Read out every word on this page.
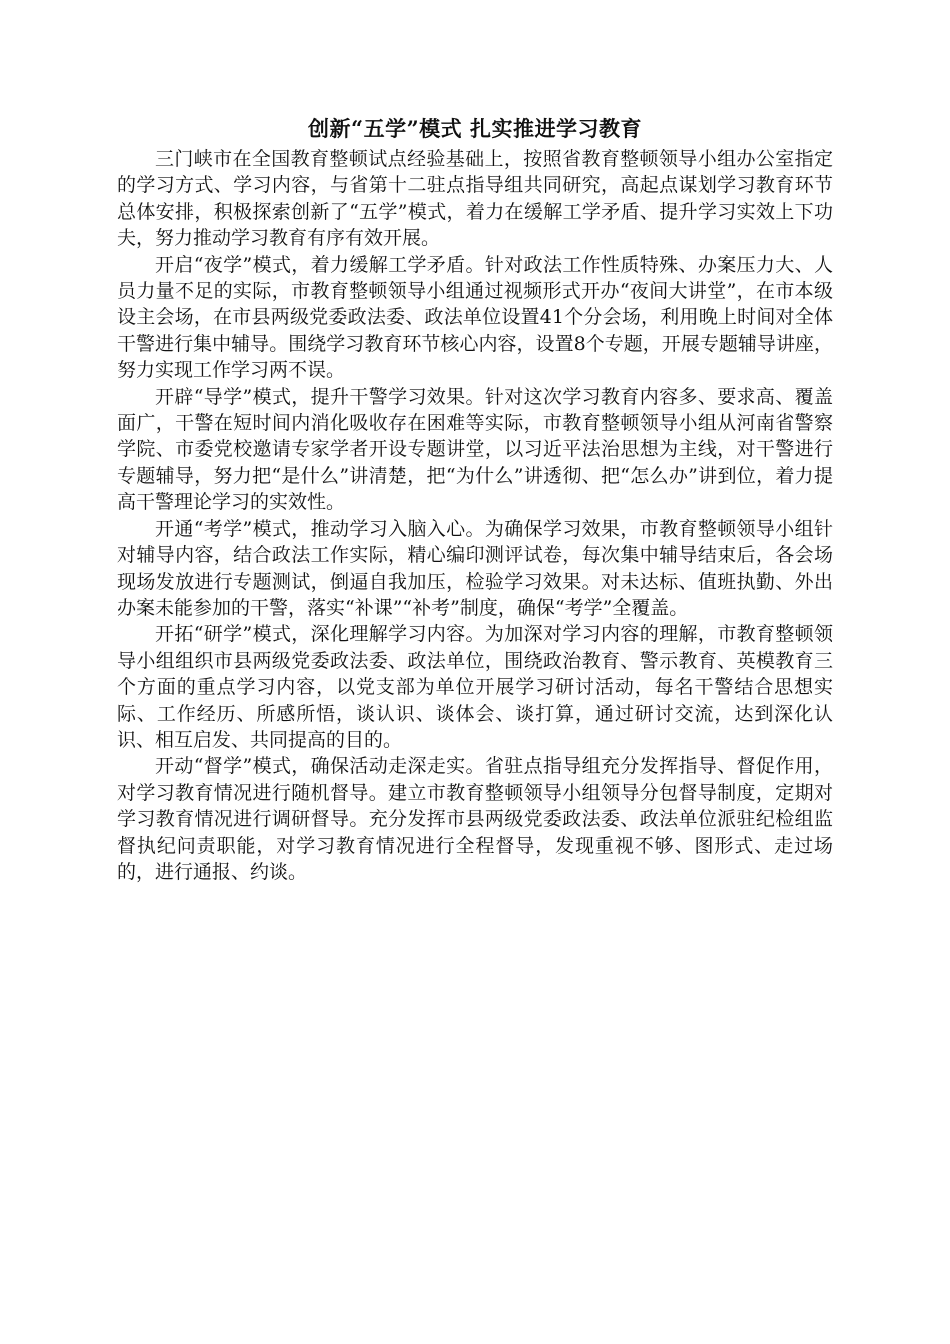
创新“五学”模式 扎实推进学习教育

三门峡市在全国教育整顿试点经验基础上，按照省教育整顿领导小组办公室指定的学习方式、学习内容，与省第十二驻点指导组共同研究，高起点谋划学习教育环节总体安排，积极探索创新了“五学”模式，着力在缓解工学矛盾、提升学习实效上下功夫，努力推动学习教育有序有效开展。

开启“夜学”模式，着力缓解工学矛盾。针对政法工作性质特殊、办案压力大、人员力量不足的实际，市教育整顿领导小组通过视频形式开办“夜间大讲堂”，在市本级设主会场，在市县两级党委政法委、政法单位设置41个分会场，利用晚上时间对全体干警进行集中辅导。围绕学习教育环节核心内容，设置8个专题，开展专题辅导讲座，努力实现工作学习两不误。

开辟“导学”模式，提升干警学习效果。针对这次学习教育内容多、要求高、覆盖面广，干警在短时间内消化吸收存在困难等实际，市教育整顿领导小组从河南省警察学院、市委党校邀请专家学者开设专题讲堂，以习近平法治思想为主线，对干警进行专题辅导，努力把“是什么”讲清楚，把“为什么”讲透彻、把“怎么办”讲到位，着力提高干警理论学习的实效性。

开通“考学”模式，推动学习入脑入心。为确保学习效果，市教育整顿领导小组针对辅导内容，结合政法工作实际，精心编印测评试卷，每次集中辅导结束后，各会场现场发放进行专题测试，倒逼自我加压，检验学习效果。对未达标、值班执勤、外出办案未能参加的干警，落实“补课”“补考”制度，确保“考学”全覆盖。

开拓“研学”模式，深化理解学习内容。为加深对学习内容的理解，市教育整顿领导小组组织市县两级党委政法委、政法单位，围绕政治教育、警示教育、英模教育三个方面的重点学习内容，以党支部为单位开展学习研讨活动，每名干警结合思想实际、工作经历、所感所悟，谈认识、谈体会、谈打算，通过研讨交流，达到深化认识、相互启发、共同提高的目的。

开动“督学”模式，确保活动走深走实。省驻点指导组充分发挥指导、督促作用，对学习教育情况进行随机督导。建立市教育整顿领导小组领导分包督导制度，定期对学习教育情况进行调研督导。充分发挥市县两级党委政法委、政法单位派驻纪检组监督执纪问责职能，对学习教育情况进行全程督导，发现重视不够、图形式、走过场的，进行通报、约谈。
